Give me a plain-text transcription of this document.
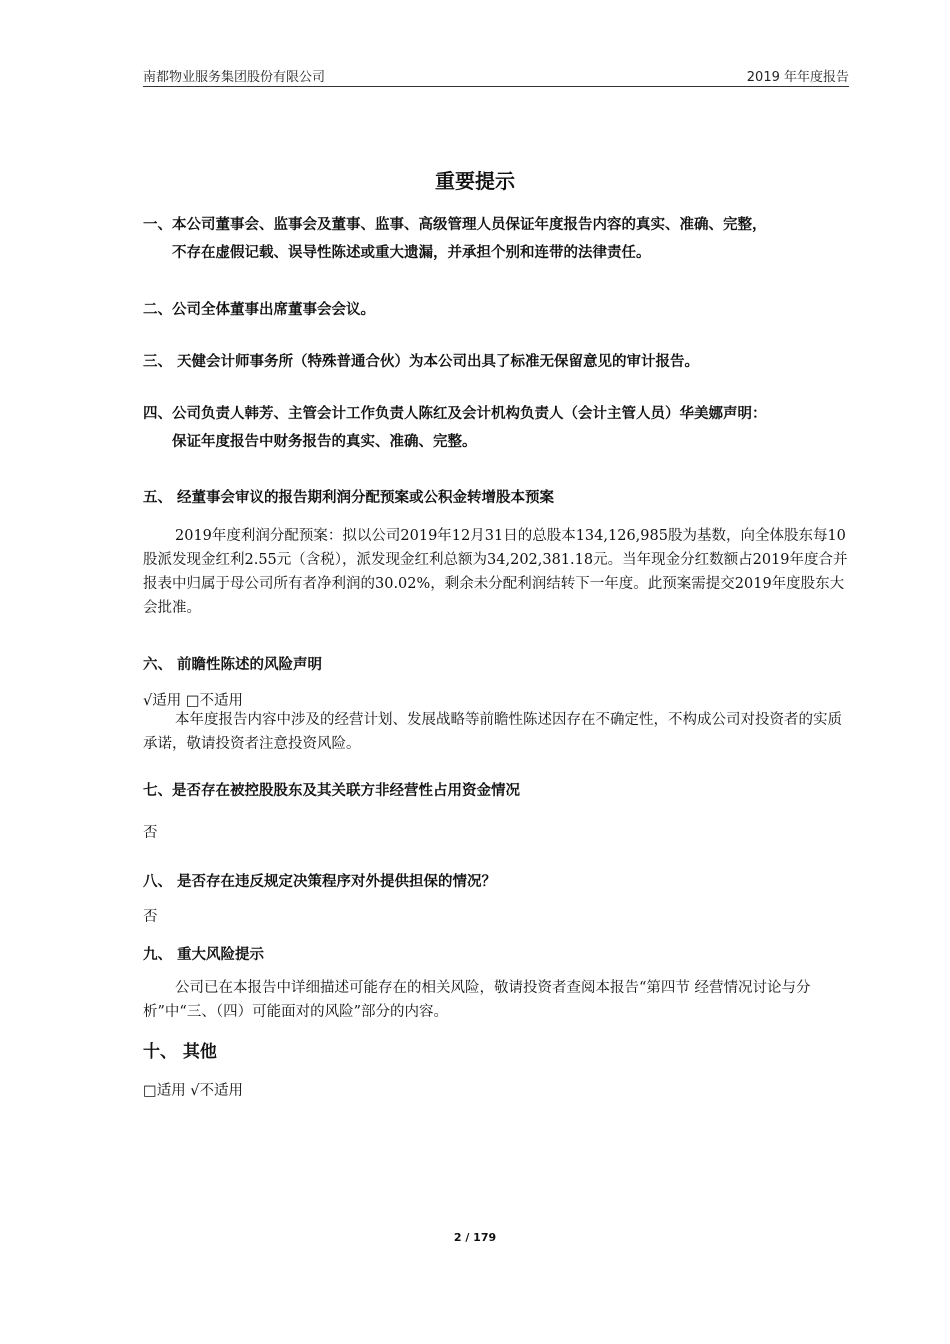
南都物业服务集团股份有限公司	2019 年年度报告
重要提示
一、本公司董事会、监事会及董事、监事、高级管理人员保证年度报告内容的真实、准确、完整，
不存在虚假记载、误导性陈述或重大遗漏，并承担个别和连带的法律责任。
二、公司全体董事出席董事会会议。
三、 天健会计师事务所（特殊普通合伙）为本公司出具了标准无保留意见的审计报告。
四、公司负责人韩芳、主管会计工作负责人陈红及会计机构负责人（会计主管人员）华美娜声明：
保证年度报告中财务报告的真实、准确、完整。
五、 经董事会审议的报告期利润分配预案或公积金转增股本预案
2019年度利润分配预案：拟以公司2019年12月31日的总股本134,126,985股为基数，向全体股东每10股派发现金红利2.55元（含税），派发现金红利总额为34,202,381.18元。当年现金分红数额占2019年度合并报表中归属于母公司所有者净利润的30.02%，剩余未分配利润结转下一年度。此预案需提交2019年度股东大会批准。
六、 前瞻性陈述的风险声明
√适用 □不适用
本年度报告内容中涉及的经营计划、发展战略等前瞻性陈述因存在不确定性，不构成公司对投资者的实质承诺，敬请投资者注意投资风险。
七、是否存在被控股股东及其关联方非经营性占用资金情况
否
八、 是否存在违反规定决策程序对外提供担保的情况？
否
九、 重大风险提示
公司已在本报告中详细描述可能存在的相关风险，敬请投资者查阅本报告“第四节 经营情况讨论与分析”中“三、（四）可能面对的风险”部分的内容。
十、 其他
□适用 √不适用
2 / 179
